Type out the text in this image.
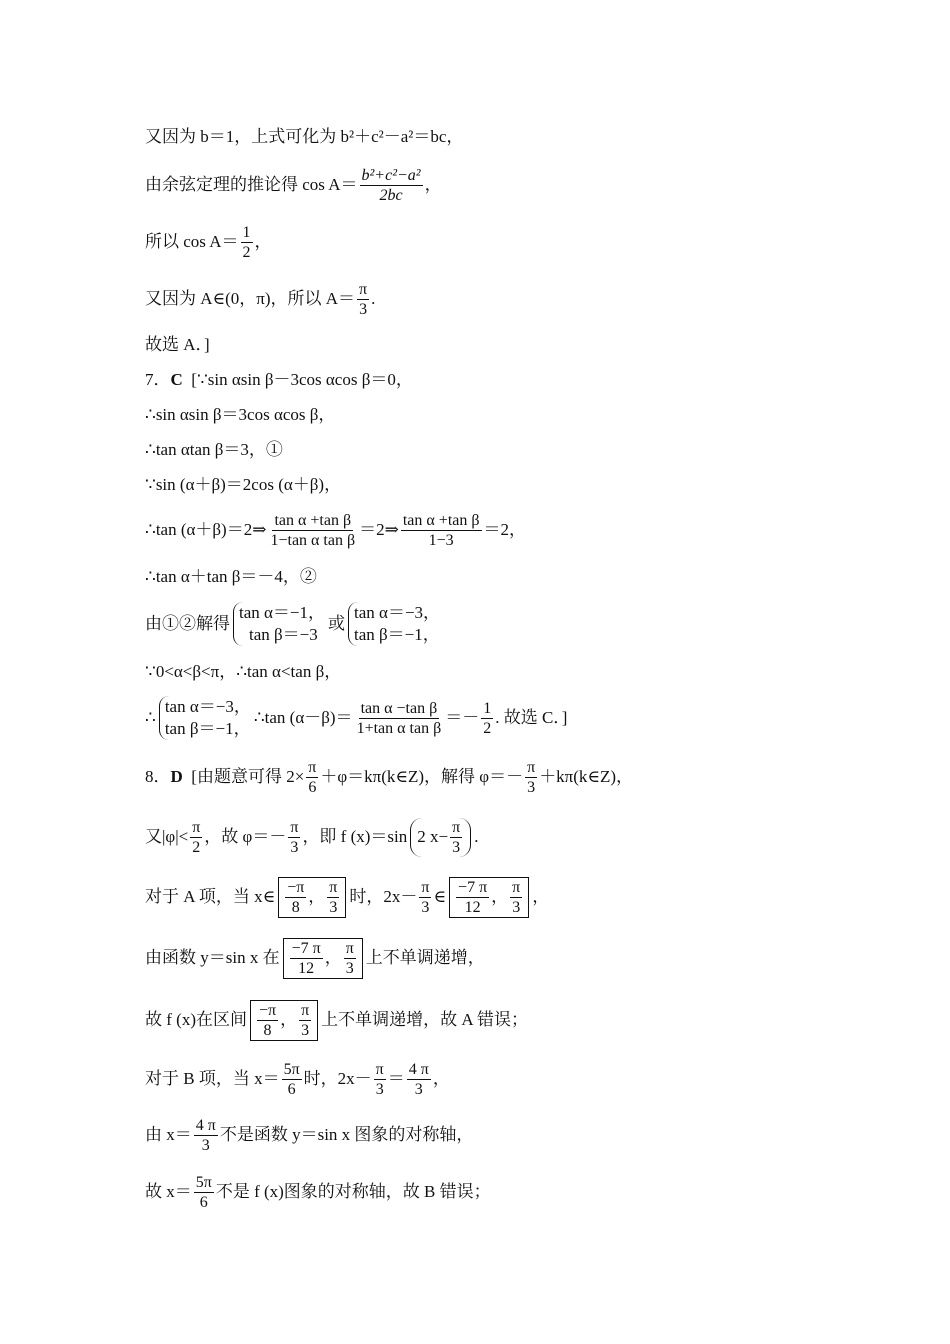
又因为 b＝1，上式可化为 b²＋c²－a²＝bc，
由余弦定理的推论得 $\cos A= \frac{\text{b²+c²−a²}}{2bc}$ ，
所以 $\cos A= \frac{1}{2}$ ，
又因为 A∈(0，π)，所以 $A= \frac{\pi}{3}$ .
故选 A．]
7． C [∵sin αsin β－3cos αcos β＝0，
∴sin αsin β＝3cos αcos β，
∴tan αtan β＝3，①
∵sin (α＋β)＝2cos (α＋β)，
∴tan (α＋β)＝2⇒ $\frac{\text{tan α +tan β}}{\text{1−tan α tan β}}$ ＝2⇒ $\frac{\text{tan α +tan β}}{1-3} =2$，
∴tan α＋tan β＝－4，②
由①②解得
tan α＝−1，
tan β＝−3
或
tan α＝−3，
tan β＝−1，
∵0<α<β<π，∴tan α<tan β，
∴
tan α＝−3，
tan β＝−1，
∴tan $(\alpha-\beta)= \frac{\text{tan α −tan β}}{\text{1+tan α tan β}} =- \frac{1}{2}$ . 故选 C．]
8． D [由题意可得 $2\times \frac{\pi}{6}$ ＋φ＝kπ(k∈Z)，解得 $\varphi=- \frac{\pi}{3}$ ＋kπ(k∈Z)，
又$|\varphi|< \frac{\pi}{2}$ ，故 $\varphi=- \frac{\pi}{3}$ ，即 f (x)＝sin 2 $x- \frac{\pi}{3}$ .
对于 A 项，当 x∈ $\frac{-\pi}{8}$ ， $\frac{\pi}{3}$ 时，$2x- \frac{\pi}{3}$ ∈ $\frac{-7 \pi}{12}$ ， $\frac{\pi}{3}$ ，
由函数 y＝sin x 在 $\frac{-7 \pi}{12}$ ， $\frac{\pi}{3}$ 上不单调递增，
故 f (x)在区间 $\frac{-\pi}{8}$ ， $\frac{\pi}{3}$ 上不单调递增，故 A 错误；
对于 B 项，当 $x= \frac{5\pi}{6}$ 时，$2x- \frac{\pi}{3} = \frac{4 \pi}{3}$ ，
由 $x= \frac{4 \pi}{3}$ 不是函数 y＝sin x 图象的对称轴，
故 $x= \frac{5\pi}{6}$ 不是 f (x)图象的对称轴，故 B 错误；
